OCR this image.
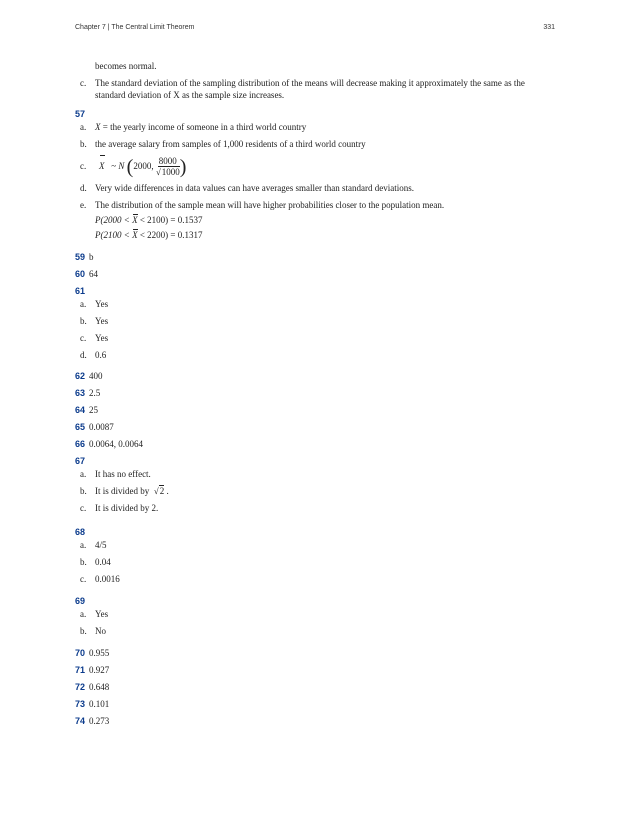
Chapter 7 | The Central Limit Theorem	331
becomes normal.
c. The standard deviation of the sampling distribution of the means will decrease making it approximately the same as the standard deviation of X as the sample size increases.
57
a. X = the yearly income of someone in a third world country
b. the average salary from samples of 1,000 residents of a third world country
c. X ~ N (2000, $\frac{8000}{√1000}$ )
d. Very wide differences in data values can have averages smaller than standard deviations.
e. The distribution of the sample mean will have higher probabilities closer to the population mean.
P(2000 < X < 2100) = 0.1537
P(2100 < X < 2200) = 0.1317
59 b
60 64
61
a. Yes
b. Yes
c. Yes
d. 0.6
62 400
63 2.5
64 25
65 0.0087
66 0.0064, 0.0064
67
a. It has no effect.
b. It is divided by  √2 .
c. It is divided by 2.
68
a. 4/5
b. 0.04
c. 0.0016
69
a. Yes
b. No
70 0.955
71 0.927
72 0.648
73 0.101
74 0.273
